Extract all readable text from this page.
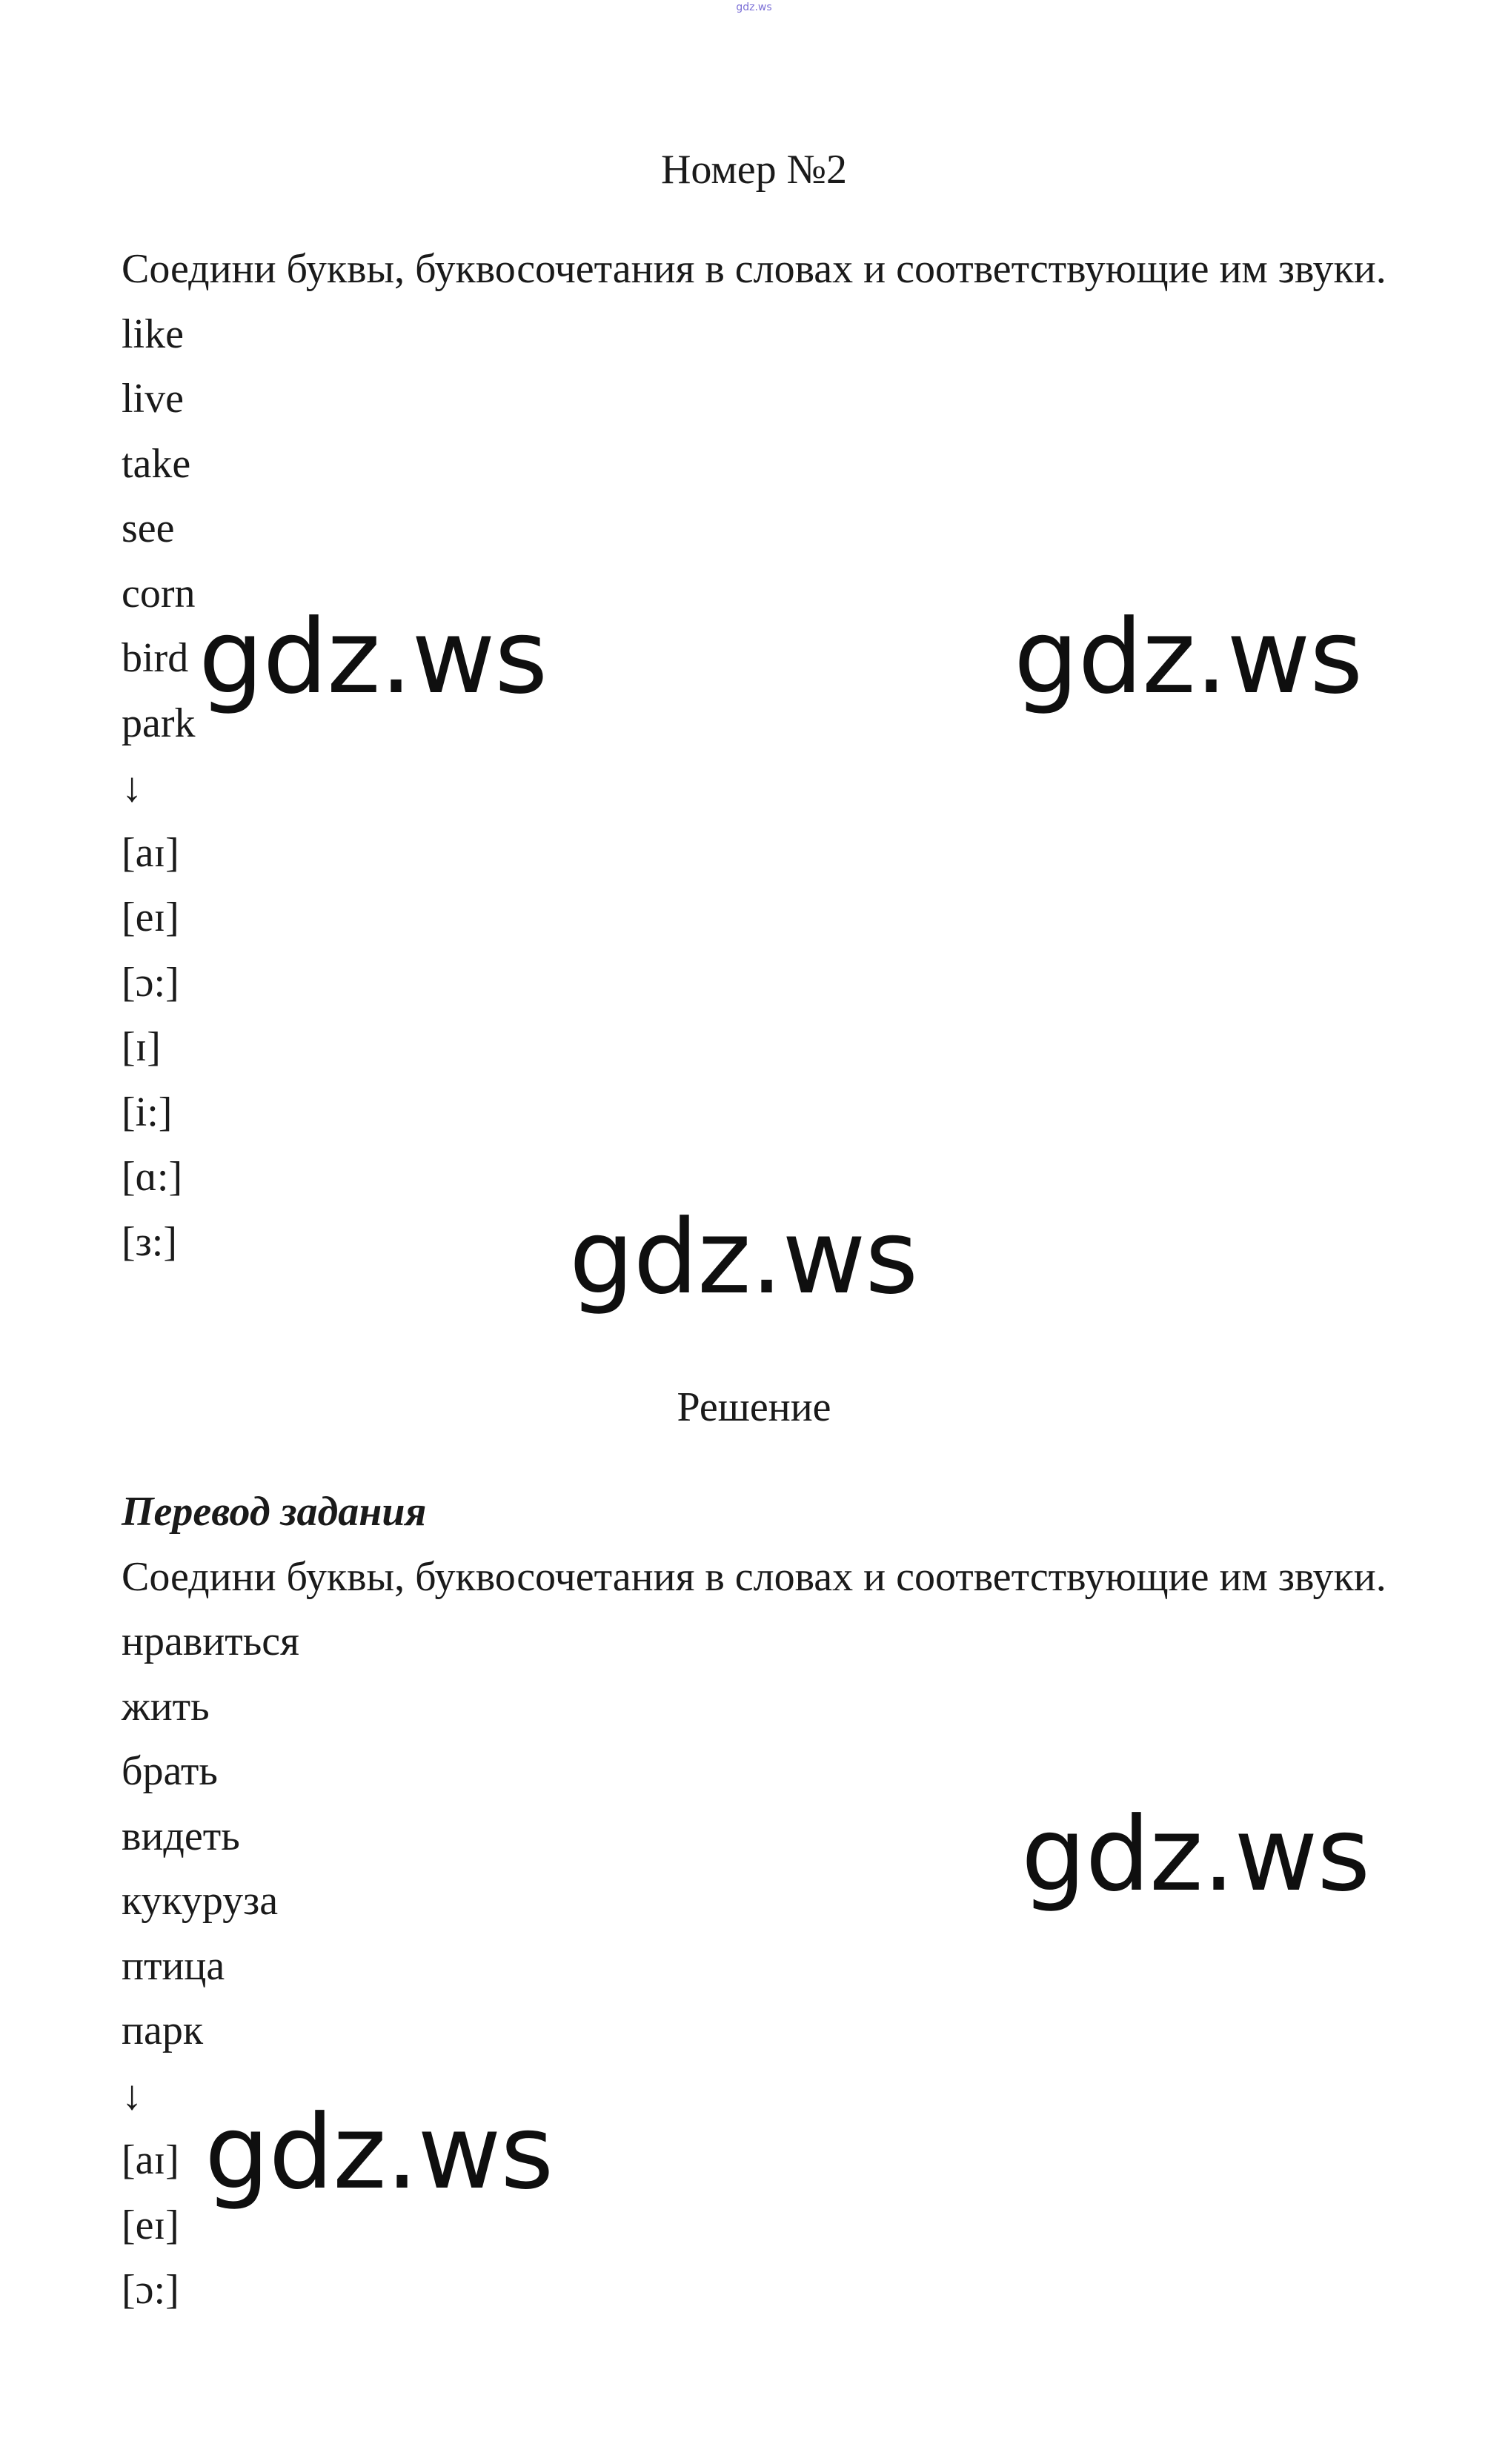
gdz.ws
Номер №2
Соедини буквы, буквосочетания в словах и соответствующие им звуки.
like
live
take
see
corn
bird
park
↓
[aɪ]
[eɪ]
[ɔ:]
[ɪ]
[i:]
[ɑ:]
[з:]
Решение
Перевод задания
Соедини буквы, буквосочетания в словах и соответствующие им звуки.
нравиться
жить
брать
видеть
кукуруза
птица
парк
↓
[aɪ]
[eɪ]
[ɔ:]
gdz.ws	gdz.ws
gdz.ws
gdz.ws
gdz.ws
